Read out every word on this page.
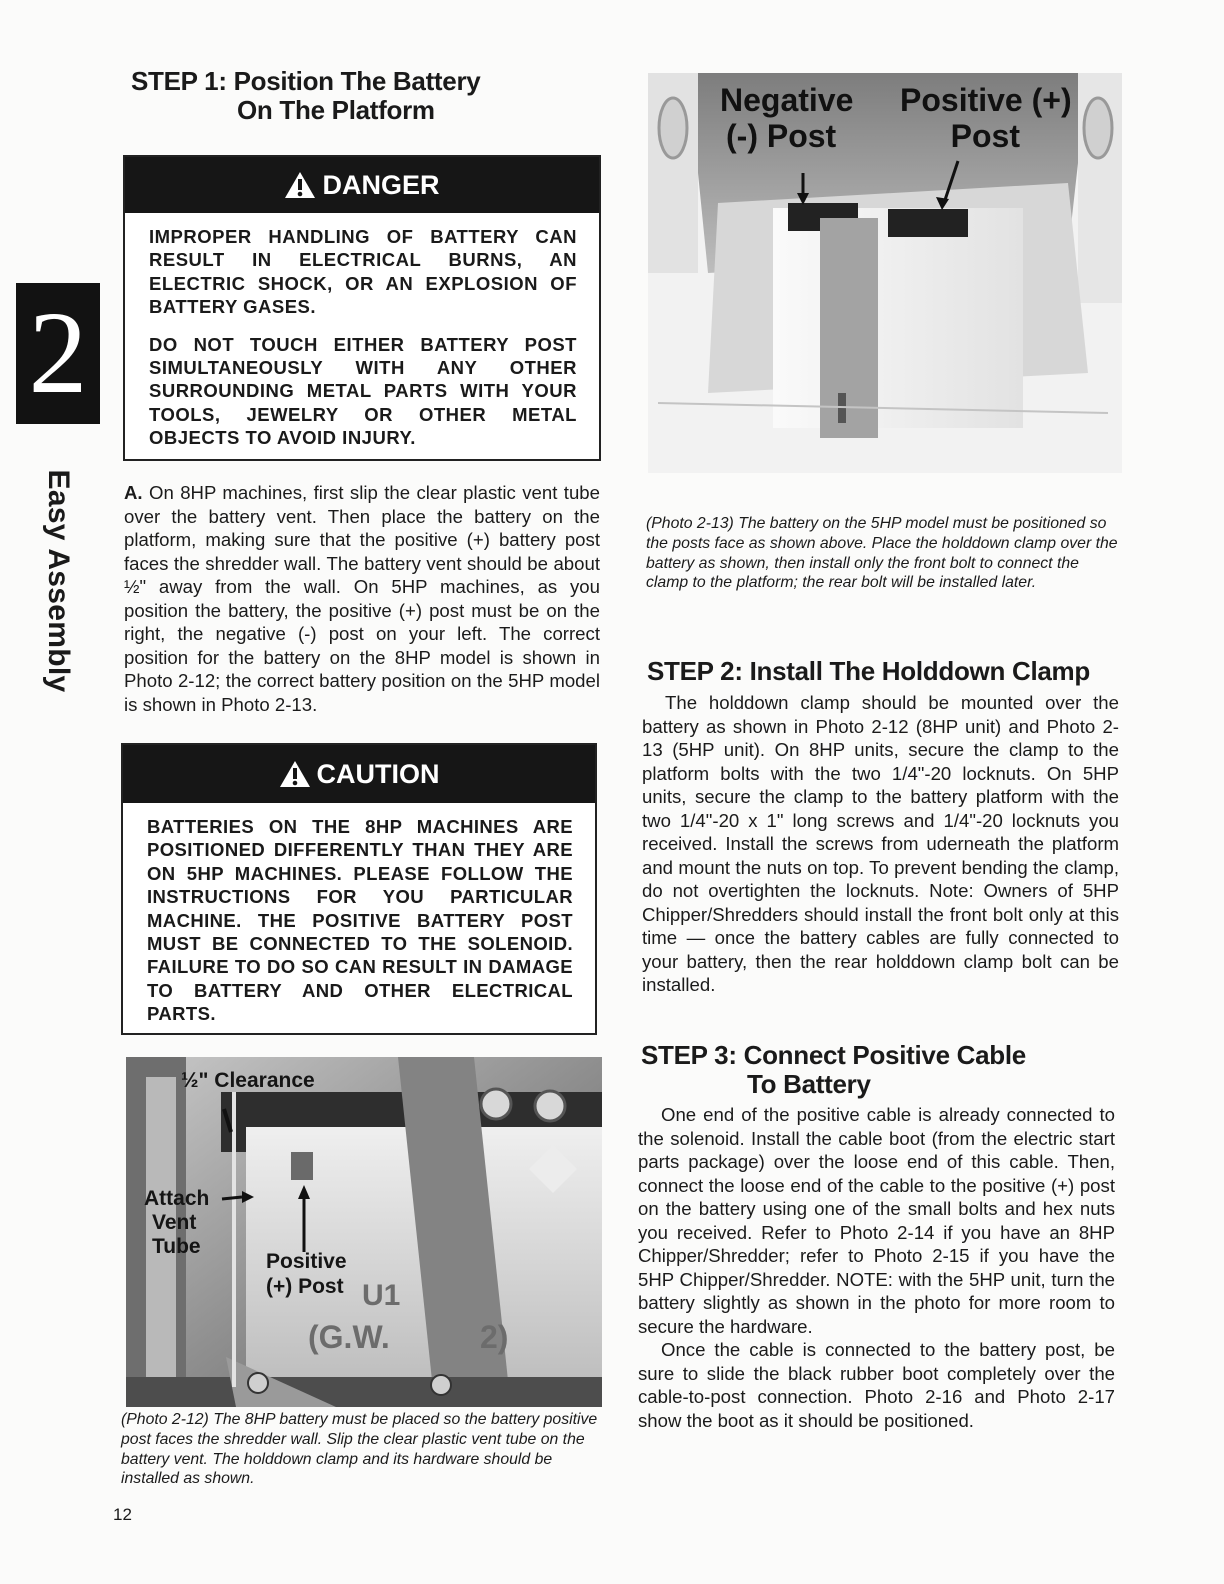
2
Easy Assembly
STEP 1: Position The Battery
On The Platform
DANGER

IMPROPER HANDLING OF BATTERY CAN RESULT IN ELECTRICAL BURNS, AN ELECTRIC SHOCK, OR AN EXPLOSION OF BATTERY GASES.

DO NOT TOUCH EITHER BATTERY POST SIMULTANEOUSLY WITH ANY OTHER SURROUNDING METAL PARTS WITH YOUR TOOLS, JEWELRY OR OTHER METAL OBJECTS TO AVOID INJURY.

A. On 8HP machines, first slip the clear plastic vent tube over the battery vent. Then place the battery on the platform, making sure that the positive (+) battery post faces the shredder wall. The battery vent should be about ½" away from the wall. On 5HP machines, as you position the battery, the positive (+) post must be on the right, the negative (-) post on your left. The correct position for the battery on the 8HP model is shown in Photo 2-12; the correct battery position on the 5HP model is shown in Photo 2-13.

CAUTION

BATTERIES ON THE 8HP MACHINES ARE POSITIONED DIFFERENTLY THAN THEY ARE ON 5HP MACHINES. PLEASE FOLLOW THE INSTRUCTIONS FOR YOU PARTICULAR MACHINE. THE POSITIVE BATTERY POST MUST BE CONNECTED TO THE SOLENOID. FAILURE TO DO SO CAN RESULT IN DAMAGE TO BATTERY AND OTHER ELECTRICAL PARTS.

½" Clearance
Attach
Vent
Tube
Positive
(+) Post U1
(G.W.	2)
(Photo 2-12) The 8HP battery must be placed so the battery positive post faces the shredder wall. Slip the clear plastic vent tube on the battery vent. The holddown clamp and its hardware should be installed as shown.
Negative
(-) Post
Positive (+)
Post
(Photo 2-13) The battery on the 5HP model must be positioned so the posts face as shown above. Place the holddown clamp over the battery as shown, then install only the front bolt to connect the clamp to the platform; the rear bolt will be installed later.
STEP 2: Install The Holddown Clamp

The holddown clamp should be mounted over the battery as shown in Photo 2-12 (8HP unit) and Photo 2-13 (5HP unit). On 8HP units, secure the clamp to the platform bolts with the two 1/4"-20 locknuts. On 5HP units, secure the clamp to the battery platform with the two 1/4"-20 x 1" long screws and 1/4"-20 locknuts you received. Install the screws from uderneath the platform and mount the nuts on top. To prevent bending the clamp, do not overtighten the locknuts. Note: Owners of 5HP Chipper/Shredders should install the front bolt only at this time — once the battery cables are fully connected to your battery, then the rear holddown clamp bolt can be installed.

STEP 3: Connect Positive Cable
To Battery

One end of the positive cable is already connected to the solenoid. Install the cable boot (from the electric start parts package) over the loose end of this cable. Then, connect the loose end of the cable to the positive (+) post on the battery using one of the small bolts and hex nuts you received. Refer to Photo 2-14 if you have an 8HP Chipper/Shredder; refer to Photo 2-15 if you have the 5HP Chipper/Shredder. NOTE: with the 5HP unit, turn the battery slightly as shown in the photo for more room to secure the hardware.

Once the cable is connected to the battery post, be sure to slide the black rubber boot completely over the cable-to-post connection. Photo 2-16 and Photo 2-17 show the boot as it should be positioned.

12
